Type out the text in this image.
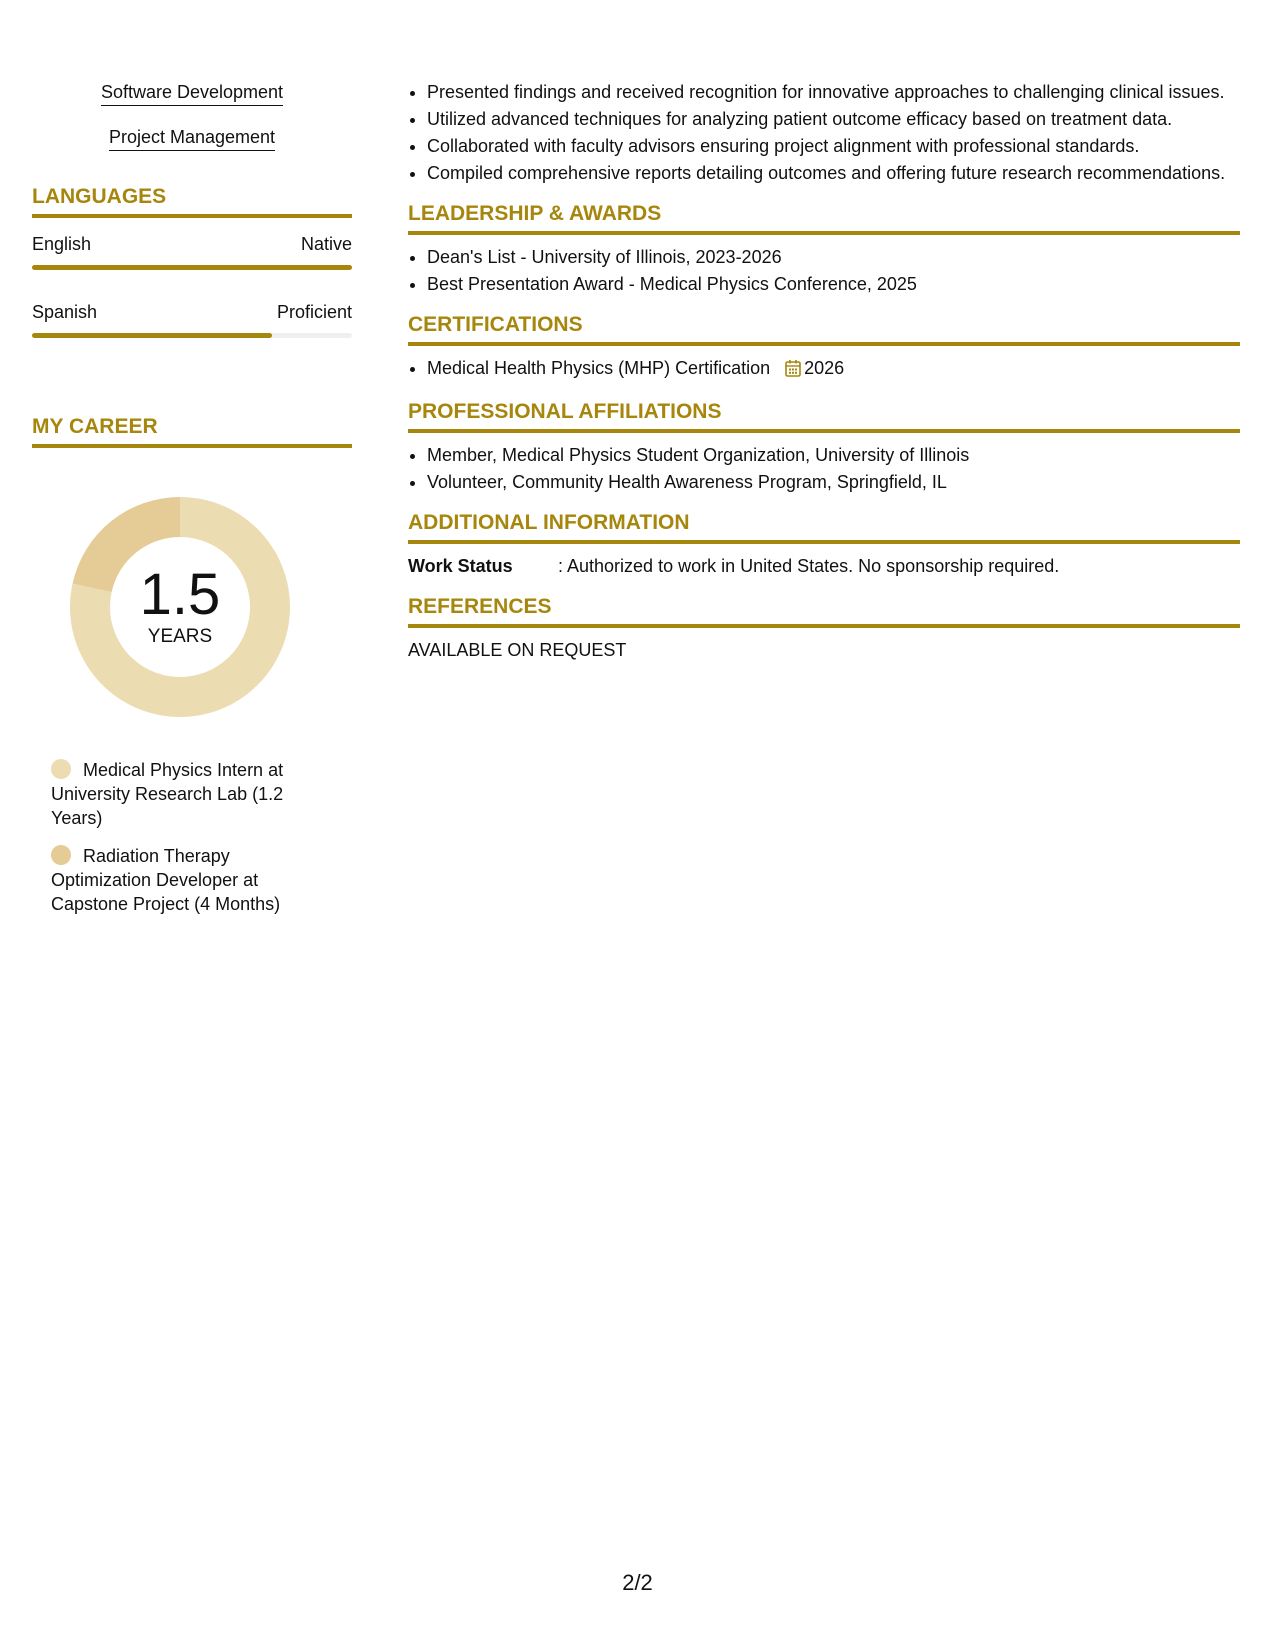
Software Development
Project Management
LANGUAGES
English	Native
Spanish	Proficient
MY CAREER
1.5
YEARS
Medical Physics Intern at University Research Lab (1.2 Years)
Radiation Therapy Optimization Developer at Capstone Project (4 Months)
• Presented findings and received recognition for innovative approaches to challenging clinical issues.
• Utilized advanced techniques for analyzing patient outcome efficacy based on treatment data.
• Collaborated with faculty advisors ensuring project alignment with professional standards.
• Compiled comprehensive reports detailing outcomes and offering future research recommendations.
LEADERSHIP & AWARDS
• Dean's List - University of Illinois, 2023-2026
• Best Presentation Award - Medical Physics Conference, 2025
CERTIFICATIONS
• Medical Health Physics (MHP) Certification 2026
PROFESSIONAL AFFILIATIONS
• Member, Medical Physics Student Organization, University of Illinois
• Volunteer, Community Health Awareness Program, Springfield, IL
ADDITIONAL INFORMATION
Work Status	: Authorized to work in United States. No sponsorship required.
REFERENCES
AVAILABLE ON REQUEST
2/2
